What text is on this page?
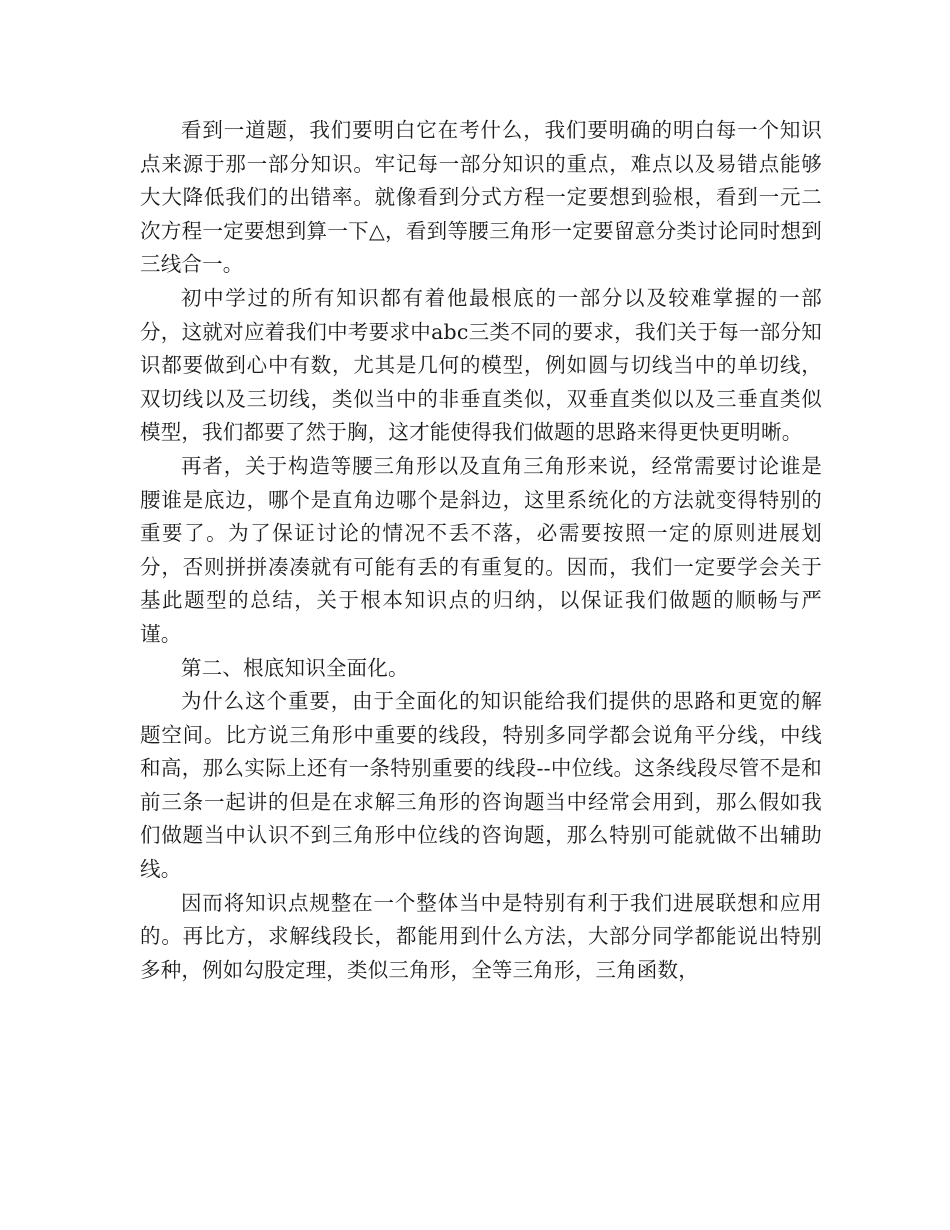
看到一道题，我们要明白它在考什么，我们要明确的明白每一个知识点来源于那一部分知识。牢记每一部分知识的重点，难点以及易错点能够大大降低我们的出错率。就像看到分式方程一定要想到验根，看到一元二次方程一定要想到算一下△，看到等腰三角形一定要留意分类讨论同时想到三线合一。

初中学过的所有知识都有着他最根底的一部分以及较难掌握的一部分，这就对应着我们中考要求中abc三类不同的要求，我们关于每一部分知识都要做到心中有数，尤其是几何的模型，例如圆与切线当中的单切线，双切线以及三切线，类似当中的非垂直类似，双垂直类似以及三垂直类似模型，我们都要了然于胸，这才能使得我们做题的思路来得更快更明晰。

再者，关于构造等腰三角形以及直角三角形来说，经常需要讨论谁是腰谁是底边，哪个是直角边哪个是斜边，这里系统化的方法就变得特别的重要了。为了保证讨论的情况不丢不落，必需要按照一定的原则进展划分，否则拼拼凑凑就有可能有丢的有重复的。因而，我们一定要学会关于基此题型的总结，关于根本知识点的归纳，以保证我们做题的顺畅与严谨。

第二、根底知识全面化。

为什么这个重要，由于全面化的知识能给我们提供的思路和更宽的解题空间。比方说三角形中重要的线段，特别多同学都会说角平分线，中线和高，那么实际上还有一条特别重要的线段--中位线。这条线段尽管不是和前三条一起讲的但是在求解三角形的咨询题当中经常会用到，那么假如我们做题当中认识不到三角形中位线的咨询题，那么特别可能就做不出辅助线。

因而将知识点规整在一个整体当中是特别有利于我们进展联想和应用的。再比方，求解线段长，都能用到什么方法，大部分同学都能说出特别多种，例如勾股定理，类似三角形，全等三角形，三角函数，
